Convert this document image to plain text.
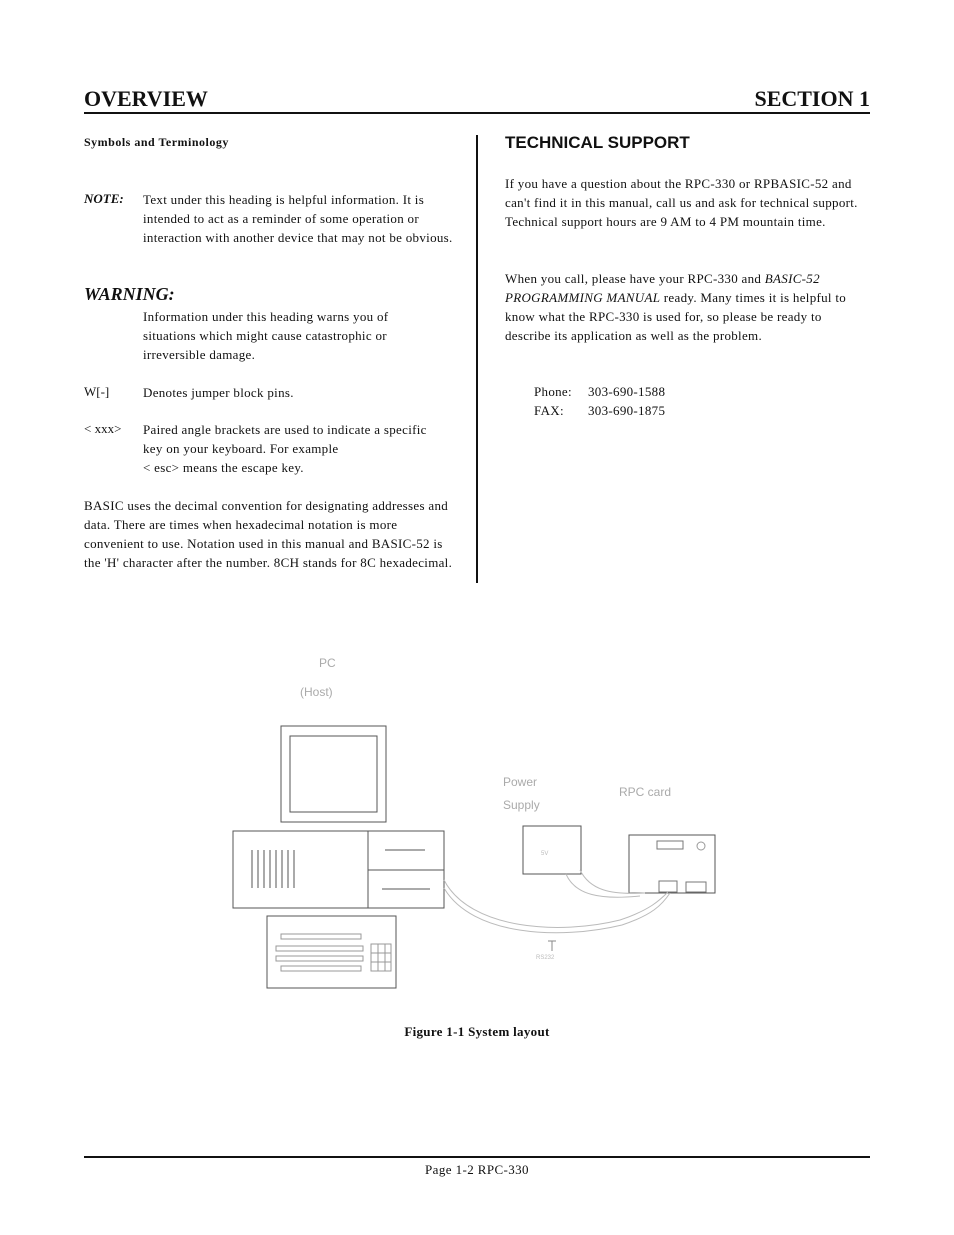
OVERVIEW	SECTION 1
Symbols and Terminology
NOTE: Text under this heading is helpful information. It is intended to act as a reminder of some operation or interaction with another device that may not be obvious.
WARNING:
Information under this heading warns you of situations which might cause catastrophic or irreversible damage.
W[-]	Denotes jumper block pins.
< xxx> Paired angle brackets are used to indicate a specific key on your keyboard. For example
< esc> means the escape key.
BASIC uses the decimal convention for designating addresses and data. There are times when hexadecimal notation is more convenient to use. Notation used in this manual and BASIC-52 is the 'H' character after the number. 8CH stands for 8C hexadecimal.
TECHNICAL SUPPORT
If you have a question about the RPC-330 or RPBASIC-52 and can't find it in this manual, call us and ask for technical support. Technical support hours are 9 AM to 4 PM mountain time.
When you call, please have your RPC-330 and BASIC-52 PROGRAMMING MANUAL ready. Many times it is helpful to know what the RPC-330 is used for, so please be ready to describe its application as well as the problem.
Phone: 303-690-1588
FAX: 303-690-1875
PC
(Host)
Power
Supply
RPC card
5V
RS232
Figure 1-1 System layout
Page 1-2 RPC-330
